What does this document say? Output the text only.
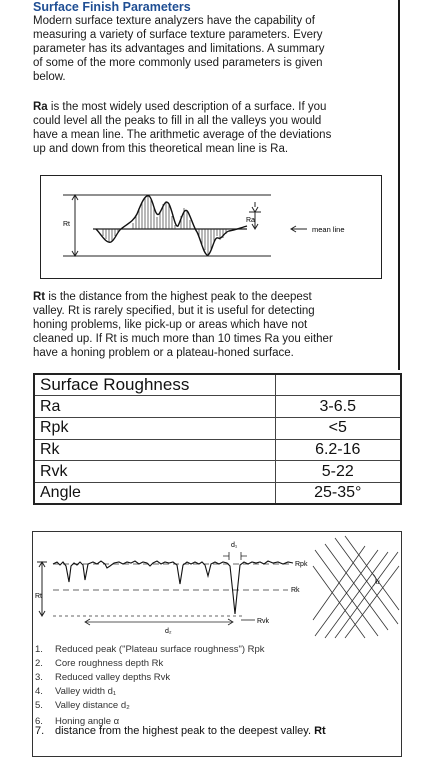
Surface Finish Parameters
Modern surface texture analyzers have the capability of
measuring a variety of surface texture parameters. Every
parameter has its advantages and limitations. A summary
of some of the more commonly used parameters is given
below.
Ra is the most widely used description of a surface. If you
could level all the peaks to fill in all the valleys you would
have a mean line. The arithmetic average of the deviations
up and down from this theoretical mean line is Ra.
Rt
Ra
mean line
Rt is the distance from the highest peak to the deepest
valley. Rt is rarely specified, but it is useful for detecting
honing problems, like pick-up or areas which have not
cleaned up. If Rt is much more than 10 times Ra you either
have a honing problem or a plateau-honed surface.
Surface Roughness	
Ra	3-6.5
Rpk	<5
Rk	6.2-16
Rvk	5-22
Angle	25-35°
Rt
d₁
d₂
Rpk
Rk
Rvk
α
1. Reduced peak ("Plateau surface roughness") Rpk
2. Core roughness depth Rk
3. Reduced valley depths Rvk
4. Valley width d₁
5. Valley distance d₂
6. Honing angle α
7. distance from the highest peak to the deepest valley. Rt
